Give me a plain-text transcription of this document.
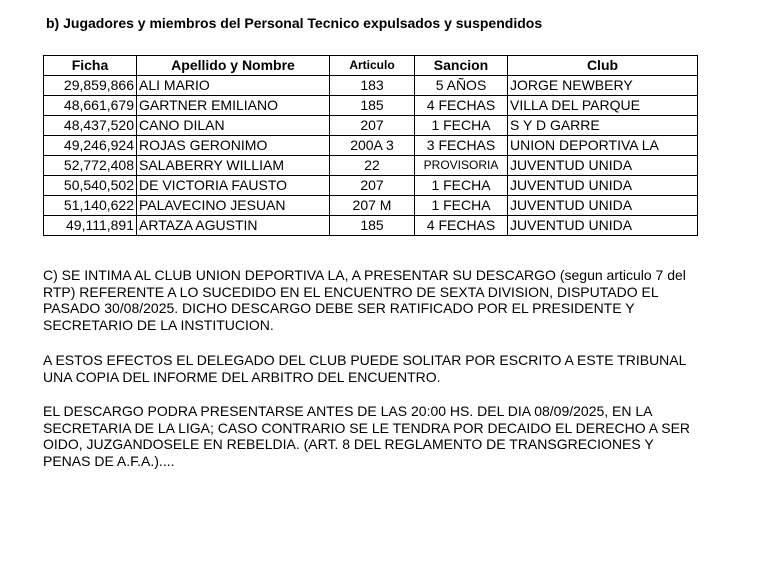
b) Jugadores y miembros del Personal Tecnico expulsados y suspendidos
Ficha	Apellido y Nombre	Articulo	Sancion	Club
29,859,866	ALI MARIO	183	5 AÑOS	JORGE NEWBERY
48,661,679	GARTNER EMILIANO	185	4 FECHAS	VILLA DEL PARQUE
48,437,520	CANO DILAN	207	1 FECHA	S Y D GARRE
49,246,924	ROJAS GERONIMO	200A 3	3 FECHAS	UNION DEPORTIVA LA
52,772,408	SALABERRY WILLIAM	22	PROVISORIA	JUVENTUD UNIDA
50,540,502	DE VICTORIA FAUSTO	207	1 FECHA	JUVENTUD UNIDA
51,140,622	PALAVECINO JESUAN	207 M	1 FECHA	JUVENTUD UNIDA
49,111,891	ARTAZA AGUSTIN	185	4 FECHAS	JUVENTUD UNIDA
C) SE INTIMA AL CLUB UNION DEPORTIVA LA, A PRESENTAR SU DESCARGO (segun articulo 7 del
RTP) REFERENTE A LO SUCEDIDO EN EL ENCUENTRO DE SEXTA DIVISION, DISPUTADO EL
PASADO 30/08/2025. DICHO DESCARGO DEBE SER RATIFICADO POR EL PRESIDENTE Y
SECRETARIO DE LA INSTITUCION.
A ESTOS EFECTOS EL DELEGADO DEL CLUB PUEDE SOLITAR POR ESCRITO A ESTE TRIBUNAL
UNA COPIA DEL INFORME DEL ARBITRO DEL ENCUENTRO.
EL DESCARGO PODRA PRESENTARSE ANTES DE LAS 20:00 HS. DEL DIA 08/09/2025, EN LA
SECRETARIA DE LA LIGA; CASO CONTRARIO SE LE TENDRA POR DECAIDO EL DERECHO A SER
OIDO, JUZGANDOSELE EN REBELDIA. (ART. 8 DEL REGLAMENTO DE TRANSGRECIONES Y
PENAS DE A.F.A.)....
